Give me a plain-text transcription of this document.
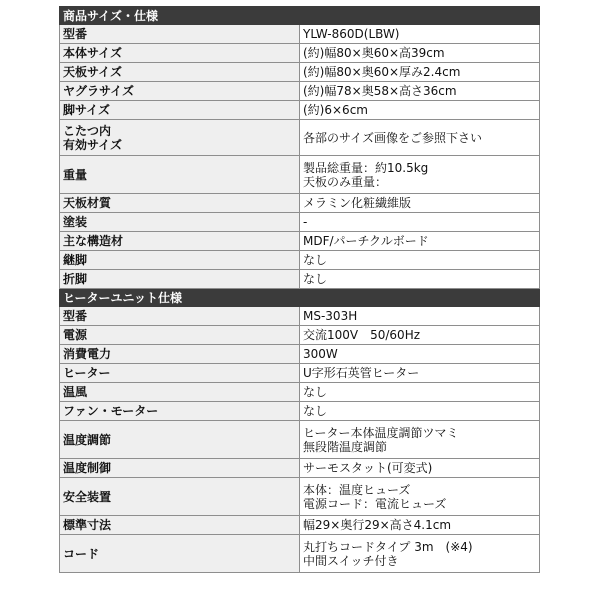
商品サイズ・仕様	

型番	YLW-860D(LBW)

本体サイズ	(約)幅80×奥60×高39cm

天板サイズ	(約)幅80×奥60×厚み2.4cm

ヤグラサイズ	(約)幅78×奥58×高さ36cm

脚サイズ	(約)6×6cm

こたつ内
有効サイズ	各部のサイズ画像をご参照下さい

重量	製品総重量：約10.5kg
天板のみ重量：

天板材質	メラミン化粧繊維版

塗装	-

主な構造材	MDF/パーチクルボード

継脚	なし

折脚	なし

ヒーターユニット仕様	

型番	MS-303H

電源	交流100V　50/60Hz

消費電力	300W

ヒーター	U字形石英管ヒーター

温風	なし

ファン・モーター	なし

温度調節	ヒーター本体温度調節ツマミ
無段階温度調節

温度制御	サーモスタット(可変式)

安全装置	本体：温度ヒューズ
電源コード：電流ヒューズ

標準寸法	幅29×奥行29×高さ4.1cm

コード	丸打ちコードタイプ 3m　(※4)
中間スイッチ付き
